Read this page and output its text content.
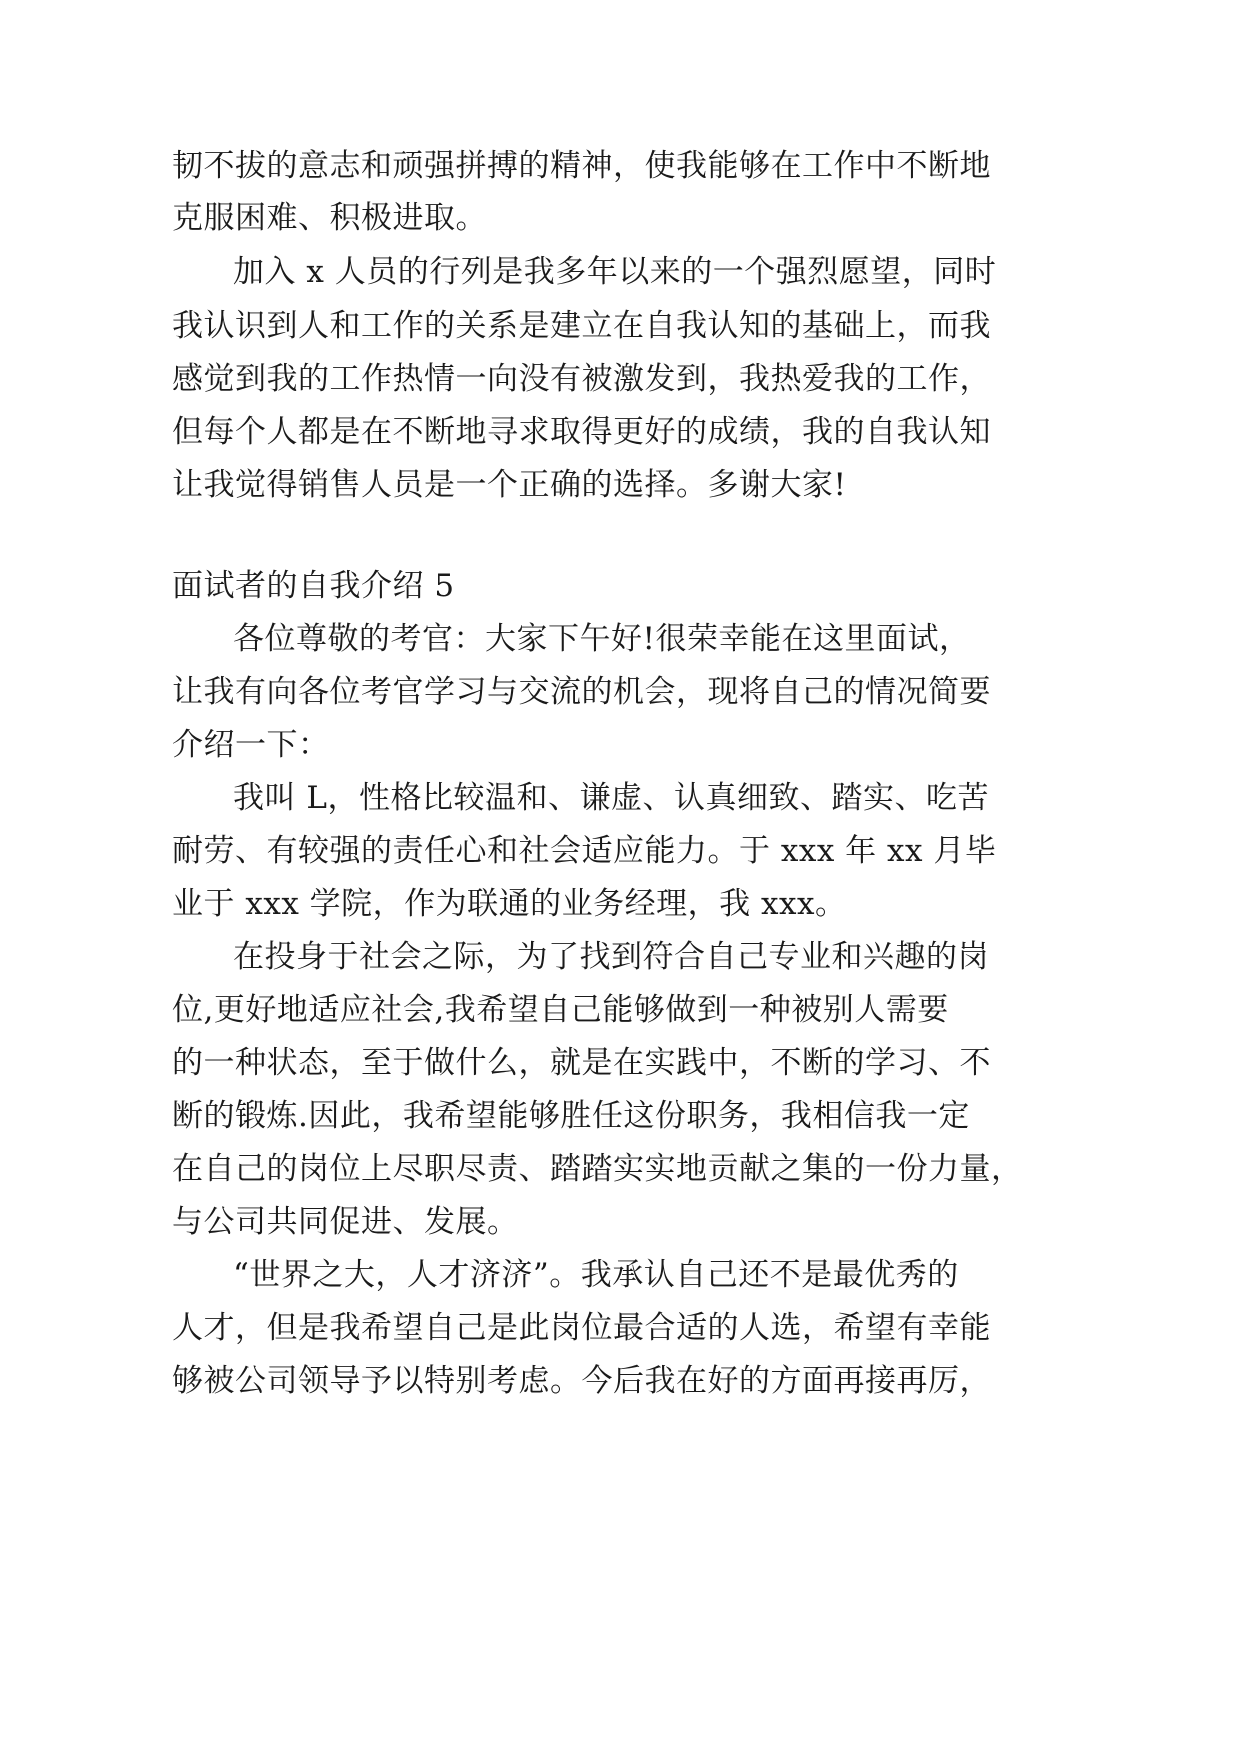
韧不拔的意志和顽强拼搏的精神，使我能够在工作中不断地

克服困难、积极进取。

加入 x 人员的行列是我多年以来的一个强烈愿望，同时

我认识到人和工作的关系是建立在自我认知的基础上，而我

感觉到我的工作热情一向没有被激发到，我热爱我的工作，

但每个人都是在不断地寻求取得更好的成绩，我的自我认知

让我觉得销售人员是一个正确的选择。多谢大家!

面试者的自我介绍 5

各位尊敬的考官：大家下午好!很荣幸能在这里面试，

让我有向各位考官学习与交流的机会，现将自己的情况简要

介绍一下：

我叫 L，性格比较温和、谦虚、认真细致、踏实、吃苦

耐劳、有较强的责任心和社会适应能力。于 xxx 年 xx 月毕

业于 xxx 学院，作为联通的业务经理，我 xxx。

在投身于社会之际，为了找到符合自己专业和兴趣的岗

位,更好地适应社会,我希望自己能够做到一种被别人需要

的一种状态，至于做什么，就是在实践中，不断的学习、不

断的锻炼.因此，我希望能够胜任这份职务，我相信我一定

在自己的岗位上尽职尽责、踏踏实实地贡献之集的一份力量，

与公司共同促进、发展。

“世界之大，人才济济”。我承认自己还不是最优秀的

人才，但是我希望自己是此岗位最合适的人选，希望有幸能

够被公司领导予以特别考虑。今后我在好的方面再接再厉，
